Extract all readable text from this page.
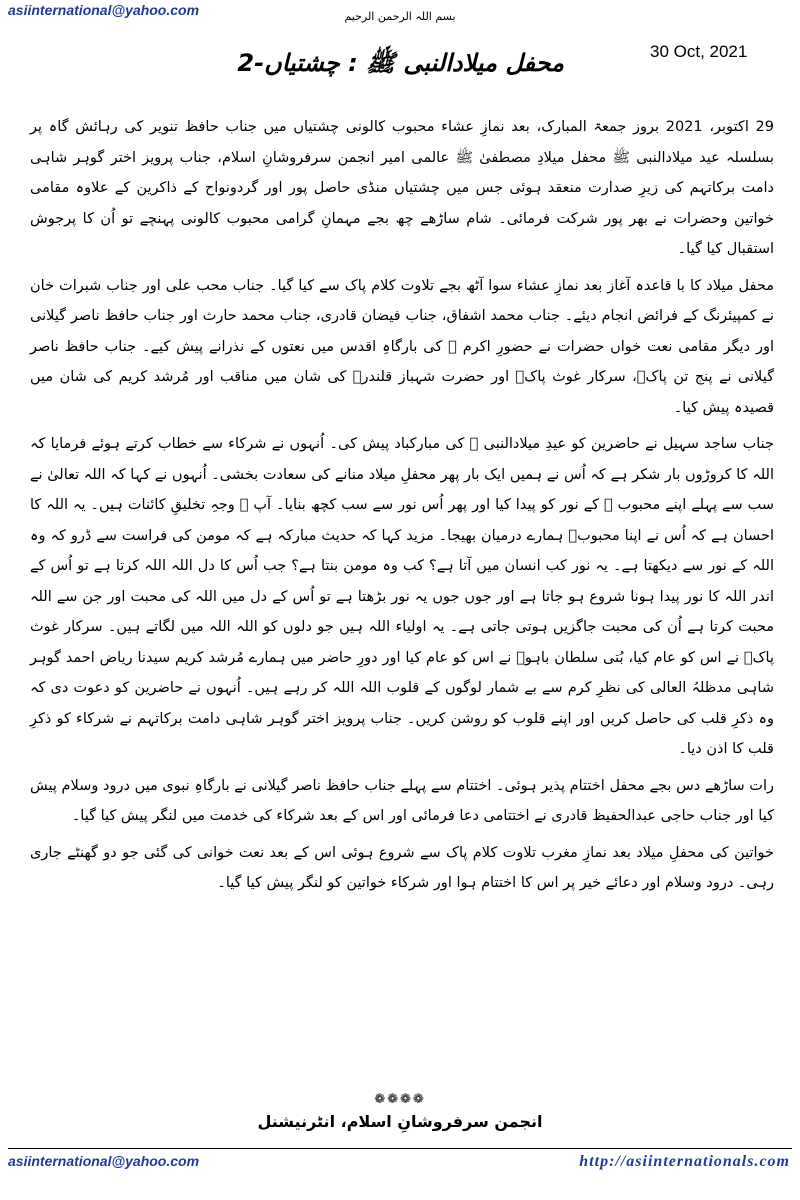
asiinternational@yahoo.com	بسم اللہ الرحمن الرحیم
30 Oct, 2021
محفل میلادالنبی ﷺ : چشتیاں-2

29 اکتوبر، 2021 بروز جمعۃ المبارک، بعد نمازِ عشاء محبوب کالونی چشتیاں میں جناب حافظ تنویر کی رہائش گاہ پر بسلسلہ عید میلادالنبی ﷺ محفل میلادِ مصطفیٰ ﷺ عالمی امیر انجمن سرفروشانِ اسلام، جناب پرویز اختر گوہر شاہی دامت برکاتہم کی زیرِ صدارت منعقد ہوئی جس میں چشتیاں منڈی حاصل پور اور گردونواح کے ذاکرین کے علاوہ مقامی خواتین وحضرات نے بھر پور شرکت فرمائی۔ شام ساڑھے چھ بجے مہمانِ گرامی محبوب کالونی پہنچے تو اُن کا پرجوش استقبال کیا گیا۔

محفل میلاد کا با قاعدہ آغاز بعد نمازِ عشاء سوا آٹھ بجے تلاوت کلام پاک سے کیا گیا۔ جناب محب علی اور جناب شبرات خان نے کمپیئرنگ کے فرائض انجام دیئے۔ جناب محمد اشفاق، جناب فیضان قادری، جناب محمد حارث اور جناب حافظ ناصر گیلانی اور دیگر مقامی نعت خواں حضرات نے حضورِ اکرم ﷺ کی بارگاہِ اقدس میں نعتوں کے نذرانے پیش کیے۔ جناب حافظ ناصر گیلانی نے پنج تن پاکؑ، سرکار غوث پاکؓ اور حضرت شہباز قلندرؒ کی شان میں مناقب اور مُرشد کریم کی شان میں قصیدہ پیش کیا۔

جناب ساجد سہیل نے حاضرین کو عیدِ میلادالنبی ﷺ کی مبارکباد پیش کی۔ اُنہوں نے شرکاء سے خطاب کرتے ہوئے فرمایا کہ اللہ کا کروڑوں بار شکر ہے کہ اُس نے ہمیں ایک بار پھر محفلِ میلاد منانے کی سعادت بخشی۔ اُنہوں نے کہا کہ اللہ تعالیٰ نے سب سے پہلے اپنے محبوب ﷺ کے نور کو پیدا کیا اور پھر اُس نور سے سب کچھ بنایا۔ آپ ﷺ وجہِ تخلیقِ کائنات ہیں۔ یہ اللہ کا احسان ہے کہ اُس نے اپنا محبوبؐ ہمارے درمیان بھیجا۔ مزید کہا کہ حدیث مبارکہ ہے کہ مومن کی فراست سے ڈرو کہ وہ اللہ کے نور سے دیکھتا ہے۔ یہ نور کب انسان میں آتا ہے؟ کب وہ مومن بنتا ہے؟ جب اُس کا دل اللہ اللہ کرتا ہے تو اُس کے اندر اللہ کا نور پیدا ہونا شروع ہو جاتا ہے اور جوں جوں یہ نور بڑھتا ہے تو اُس کے دل میں اللہ کی محبت اور جن سے اللہ محبت کرتا ہے اُن کی محبت جاگزیں ہوتی جاتی ہے۔ یہ اولیاء اللہ ہیں جو دلوں کو اللہ اللہ میں لگاتے ہیں۔ سرکار غوث پاکؓ نے اس کو عام کیا، بُتی سلطان باہوؒ نے اس کو عام کیا اور دورِ حاضر میں ہمارے مُرشد کریم سیدنا ریاض احمد گوہر شاہی مدظلہُ العالی کی نظرِ کرم سے بے شمار لوگوں کے قلوب اللہ اللہ کر رہے ہیں۔ اُنہوں نے حاضرین کو دعوت دی کہ وہ ذکرِ قلب کی حاصل کریں اور اپنے قلوب کو روشن کریں۔ جناب پرویز اختر گوہر شاہی دامت برکاتہم نے شرکاء کو ذکرِ قلب کا اذن دیا۔

رات ساڑھے دس بجے محفل اختتام پذیر ہوئی۔ اختتام سے پہلے جناب حافظ ناصر گیلانی نے بارگاہِ نبوی میں درود وسلام پیش کیا اور جناب حاجی عبدالحفیظ قادری نے اختتامی دعا فرمائی اور اس کے بعد شرکاء کی خدمت میں لنگر پیش کیا گیا۔

خواتین کی محفلِ میلاد بعد نمازِ مغرب تلاوت کلام پاک سے شروع ہوئی اس کے بعد نعت خوانی کی گئی جو دو گھنٹے جاری رہی۔ درود وسلام اور دعائے خیر پر اس کا اختتام ہوا اور شرکاء خواتین کو لنگر پیش کیا گیا۔

❁❁❁❁
انجمن سرفروشانِ اسلام، انٹرنیشنل
asiinternational@yahoo.com	http://asiinternationals.com
